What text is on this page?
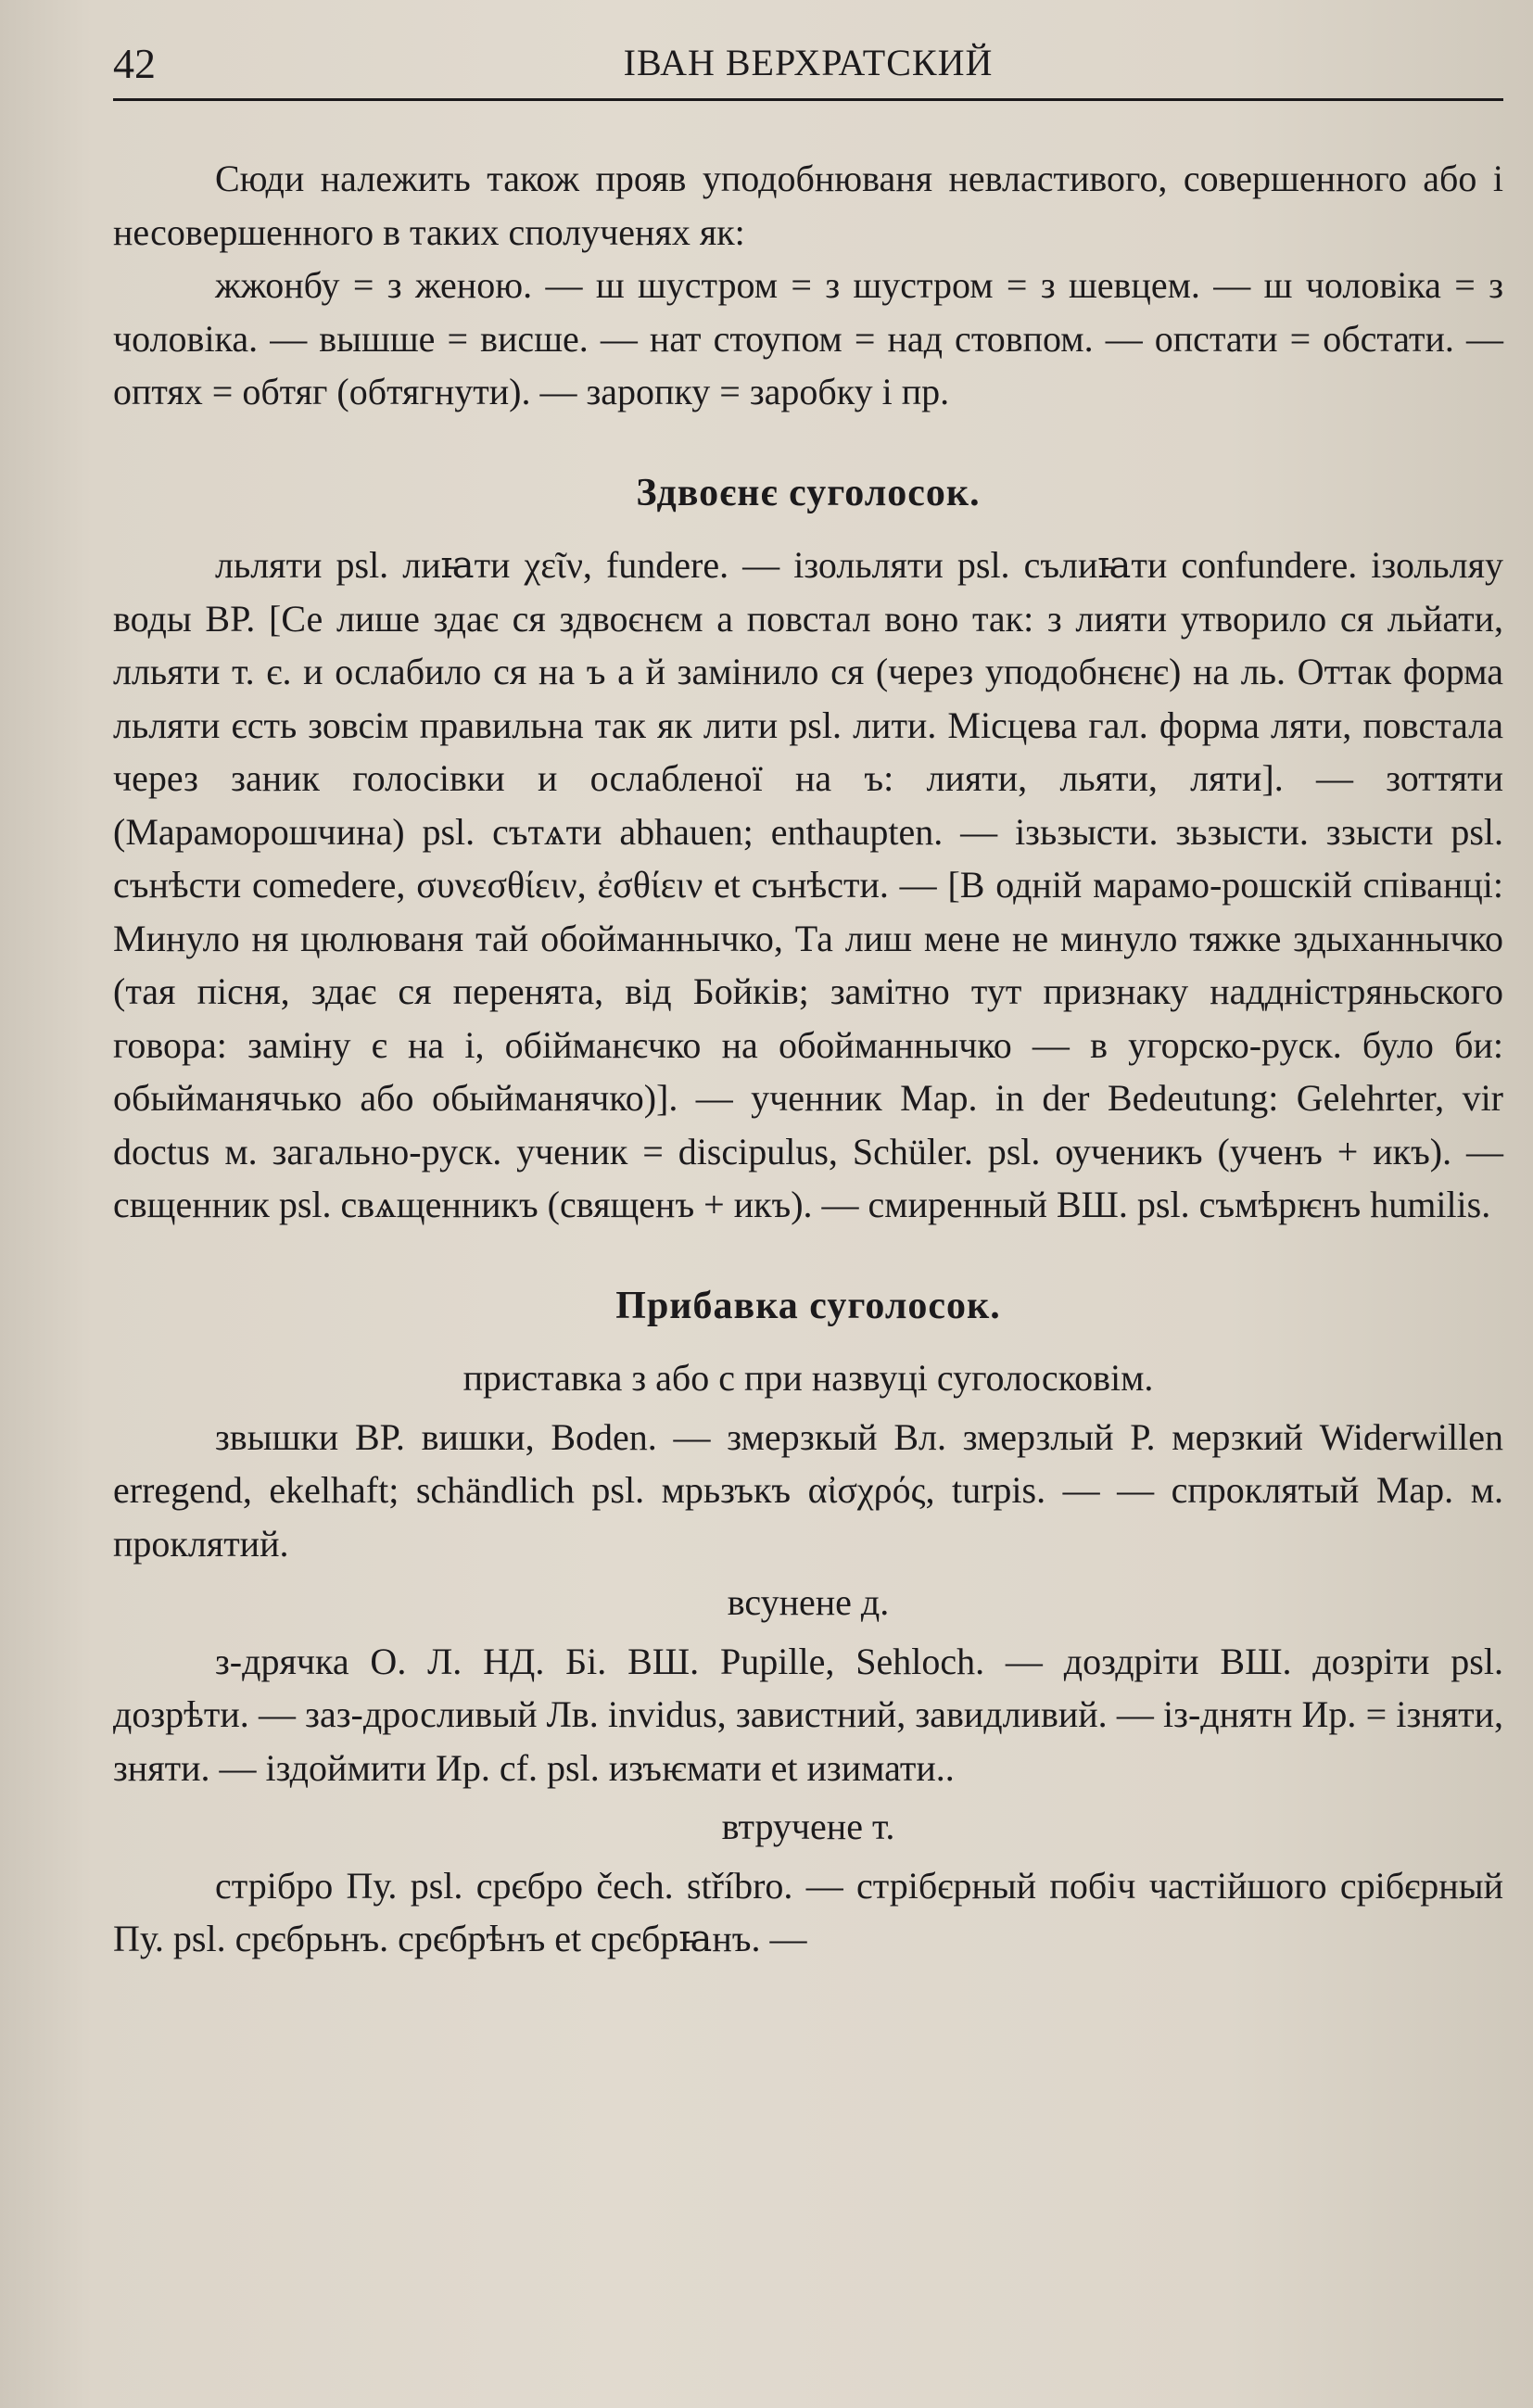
42	ІВАН ВЕРХРАТСКИЙ

Сюди належить також прояв уподобнюваня невластивого, совершенного або і несовершенного в таких сполученях як:

жжонбу = з женою. — ш шустром = з шустром = з шевцем. — ш чоловіка = з чоловіка. — вышше = висше. — нат стоупом = над стовпом. — опстати = обстати. — оптях = обтяг (обтягнути). — заропку = заробку і пр.

Здвоєнє суголосок.

льляти psl. лиꙗти χεῖν, fundere. — ізольляти psl. сълиꙗти confundere. ізольляу воды ВР. [Се лише здає ся здвоєнєм а повстал воно так: з лияти утворило ся льйати, лльяти т. є. и ослабило ся на ъ а й замінило ся (через уподобнєнє) на ль. Оттак форма льляти єсть зовсім правильна так як лити psl. лити. Місцева гал. форма ляти, повстала через заник голосівки и ослабленої на ъ: лияти, льяти, ляти]. — зоттяти (Мараморошчина) psl. сътѧти abhauen; enthaupten. — ізьзысти. зьзысти. ззысти psl. сънѣсти comedere, συνεσθίειν, ἐσθίειν et сънѣсти. — [В однiй марамо-рошскій співанці: Минуло ня цюлюваня тай обойманнычко, Та лиш мене не минуло тяжке здыханнычко (тая пісня, здає ся перенята, від Бойків; замітно тут признаку наддністряньского говора: заміну є на і, обійманєчко на обойманнычко — в угорско-руск. було би: обыйманячько або обыйманячко)]. — ученник Мар. in der Bedeutung: Gelehrter, vir doctus м. загально-руск. ученик = discipulus, Schüler. psl. оученикъ (ученъ + икъ). — свщенник psl. свѧщенникъ (священъ + икъ). — смиренный ВШ. psl. съмѣрѥнъ humilis.

Прибавка суголосок.
приставка з або с при назвуці суголосковім.

звышки ВР. вишки, Boden. — змерзкый Вл. змерзлый Р. мерзкий Widerwillen erregend, ekelhaft; schändlich psl. мрьзъкъ αἰσχρός, turpis. — — спроклятый Мар. м. проклятий.

всунене д.

з-дрячка О. Л. НД. Бі. ВШ. Pupille, Sehloch. — дoздріти ВШ. дозріти psl. дозрѣти. — заз-дросливый Лв. invidus, завистний, завидливий. — із-днятн Ир. = ізняти, зняти. — іздоймити Ир. cf. psl. изъѥмати et изимати..

втручене т.

стрібро Пу. psl. срєбро čech. stříbro. — стрібєрный побіч частійшого срібєрный Пу. psl. срєбрьнъ. срєбрѣнъ et срєбрꙗнъ. —
